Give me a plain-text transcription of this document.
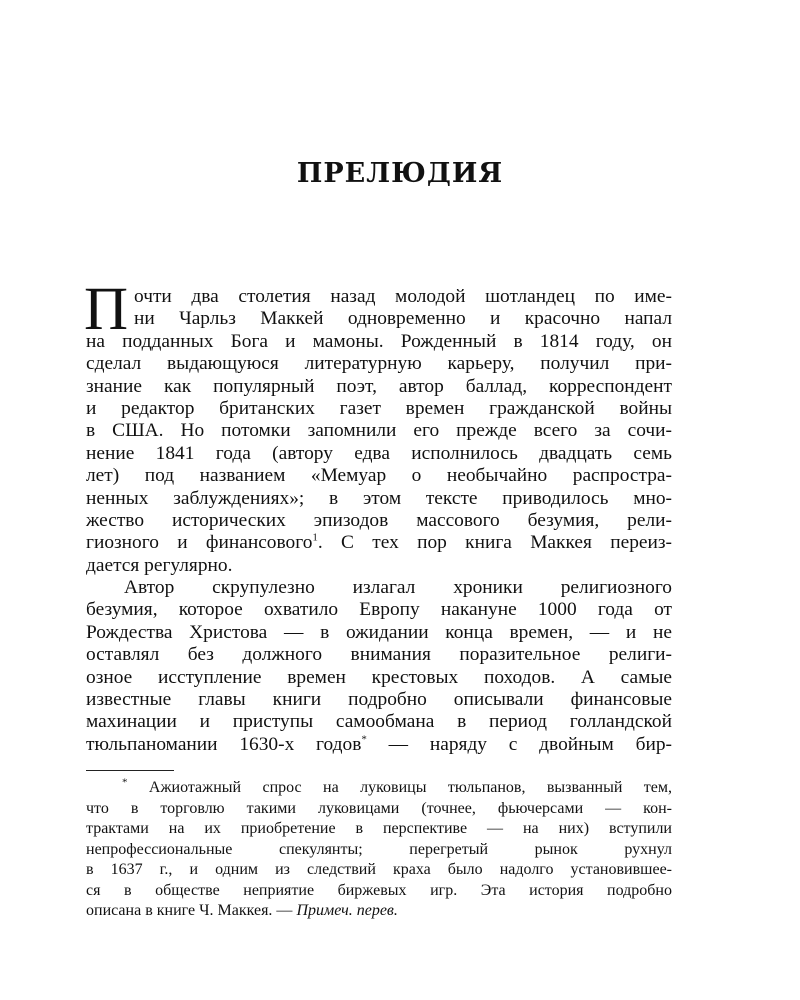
ПРЕЛЮДИЯ
П очти два столетия назад молодой шотландец по име-
ни Чарльз Маккей одновременно и красочно напал
на подданных Бога и мамоны. Рожденный в 1814 году, он
сделал выдающуюся литературную карьеру, получил при-
знание как популярный поэт, автор баллад, корреспондент
и редактор британских газет времен гражданской войны
в США. Но потомки запомнили его прежде всего за сочи-
нение 1841 года (автору едва исполнилось двадцать семь
лет) под названием «Мемуар о необычайно распростра-
ненных заблуждениях»; в этом тексте приводилось мно-
жество исторических эпизодов массового безумия, рели-
гиозного и финансового$^1$. С тех пор книга Маккея переиз-
дается регулярно.
Автор скрупулезно излагал хроники религиозного
безумия, которое охватило Европу накануне 1000 года от
Рождества Христова — в ожидании конца времен, — и не
оставлял без должного внимания поразительное религи-
озное исступление времен крестовых походов. А самые
известные главы книги подробно описывали финансовые
махинации и приступы самообмана в период голландской
тюльпаномании 1630-х годов* — наряду с двойным бир-
* Ажиотажный спрос на луковицы тюльпанов, вызванный тем,
что в торговлю такими луковицами (точнее, фьючерсами — кон-
трактами на их приобретение в перспективе — на них) вступили
непрофессиональные спекулянты; перегретый рынок рухнул
в 1637 г., и одним из следствий краха было надолго установившее-
ся в обществе неприятие биржевых игр. Эта история подробно
описана в книге Ч. Маккея. — Примеч. перев.
